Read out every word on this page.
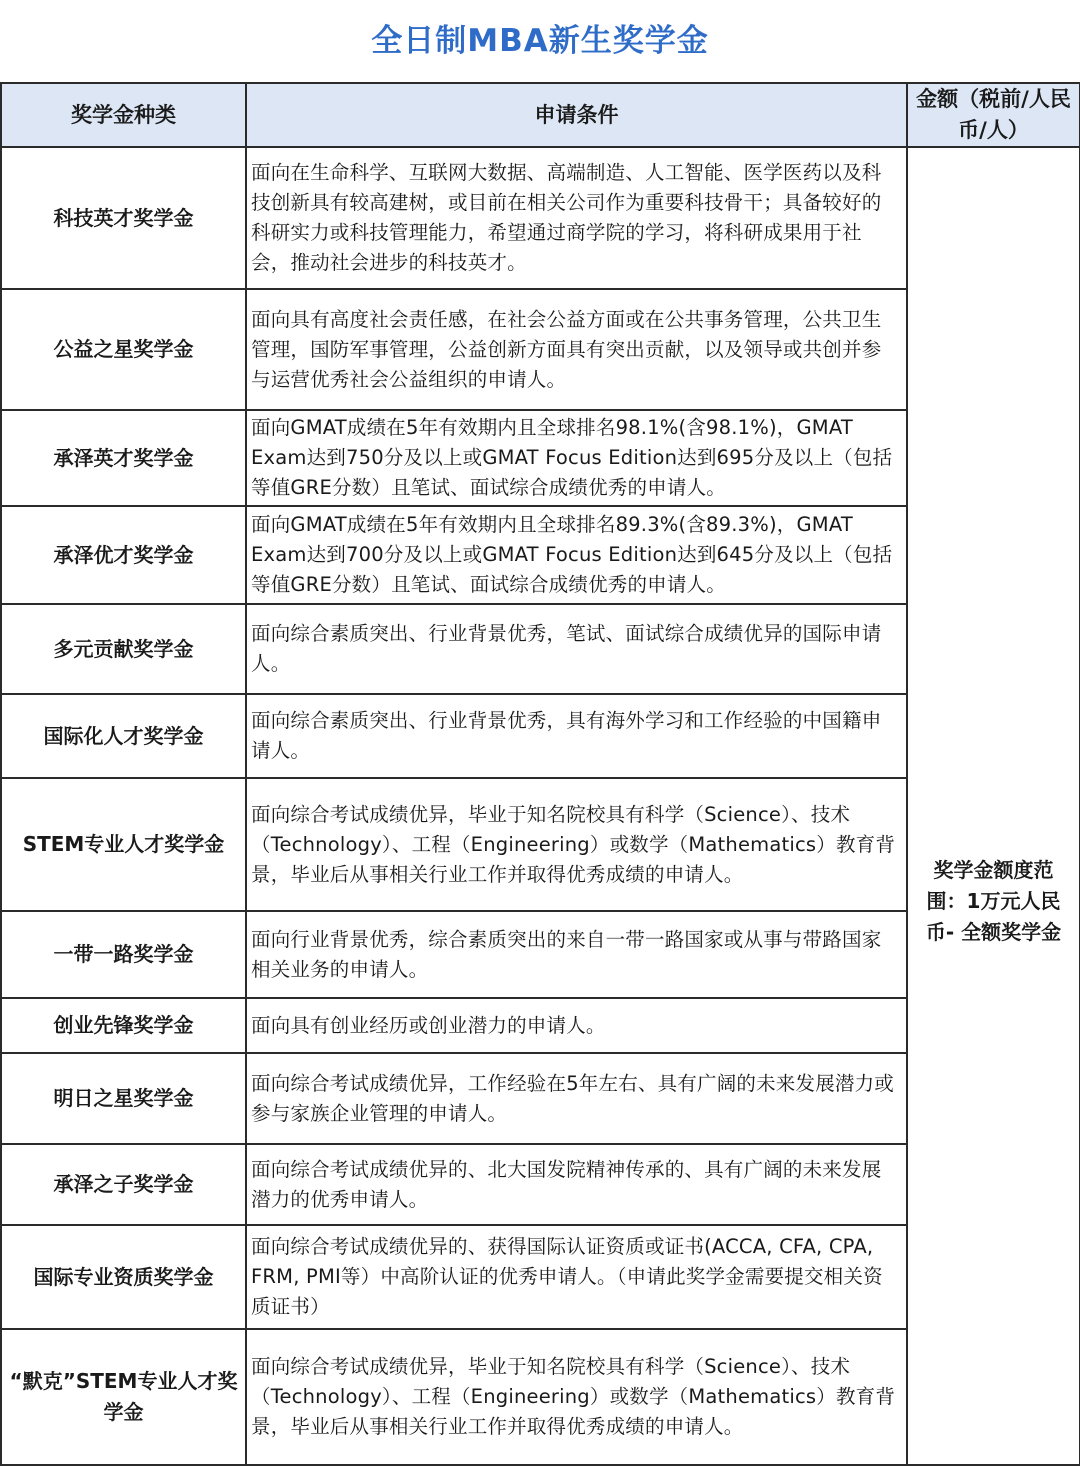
全日制MBA新生奖学金
奖学金种类	申请条件	金额（税前/人民币/人）
科技英才奖学金	面向在生命科学、互联网大数据、高端制造、人工智能、医学医药以及科技创新具有较高建树，或目前在相关公司作为重要科技骨干；具备较好的科研实力或科技管理能力，希望通过商学院的学习，将科研成果用于社会，推动社会进步的科技英才。	奖学金额度范围：1万元人民币- 全额奖学金

公益之星奖学金	面向具有高度社会责任感，在社会公益方面或在公共事务管理，公共卫生管理，国防军事管理，公益创新方面具有突出贡献，以及领导或共创并参与运营优秀社会公益组织的申请人。	
承泽英才奖学金	面向GMAT成绩在5年有效期内且全球排名98.1%(含98.1%)，GMAT Exam达到750分及以上或GMAT Focus Edition达到695分及以上（包括等值GRE分数）且笔试、面试综合成绩优秀的申请人。	
承泽优才奖学金	面向GMAT成绩在5年有效期内且全球排名89.3%(含89.3%)，GMAT Exam达到700分及以上或GMAT Focus Edition达到645分及以上（包括等值GRE分数）且笔试、面试综合成绩优秀的申请人。	
多元贡献奖学金	面向综合素质突出、行业背景优秀，笔试、面试综合成绩优异的国际申请人。	
国际化人才奖学金	面向综合素质突出、行业背景优秀，具有海外学习和工作经验的中国籍申请人。	
STEM专业人才奖学金	面向综合考试成绩优异，毕业于知名院校具有科学（Science）、技术（Technology）、工程（Engineering）或数学（Mathematics）教育背景，毕业后从事相关行业工作并取得优秀成绩的申请人。	
一带一路奖学金	面向行业背景优秀，综合素质突出的来自一带一路国家或从事与带路国家相关业务的申请人。	
创业先锋奖学金	面向具有创业经历或创业潜力的申请人。	
明日之星奖学金	面向综合考试成绩优异，工作经验在5年左右、具有广阔的未来发展潜力或参与家族企业管理的申请人。	
承泽之子奖学金	面向综合考试成绩优异的、北大国发院精神传承的、具有广阔的未来发展潜力的优秀申请人。	
国际专业资质奖学金	面向综合考试成绩优异的、获得国际认证资质或证书(ACCA, CFA, CPA, FRM, PMI等）中高阶认证的优秀申请人。（申请此奖学金需要提交相关资质证书）	
“默克”STEM专业人才奖学金	面向综合考试成绩优异，毕业于知名院校具有科学（Science）、技术（Technology）、工程（Engineering）或数学（Mathematics）教育背景，毕业后从事相关行业工作并取得优秀成绩的申请人。	
